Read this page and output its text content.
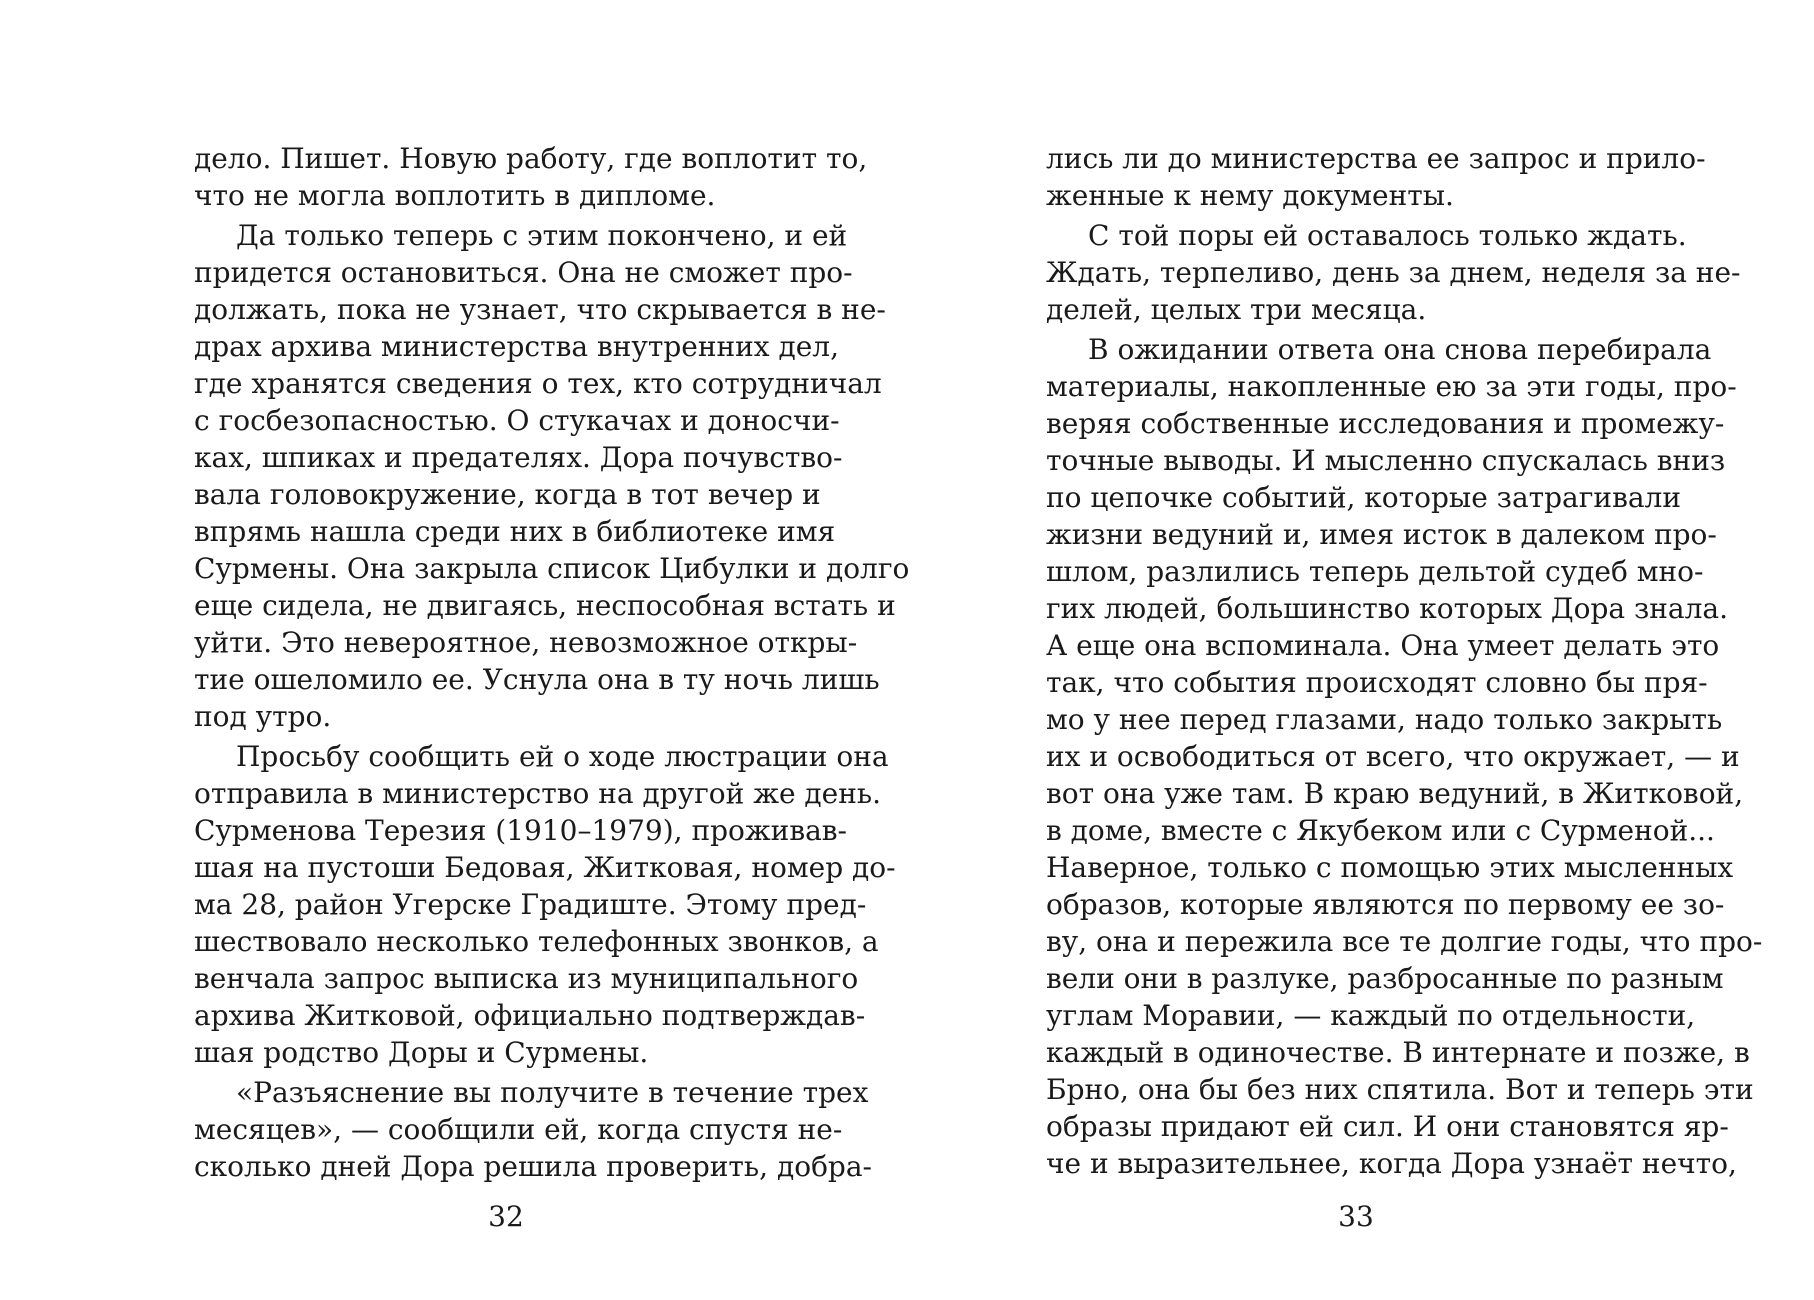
дело. Пишет. Новую работу, где воплотит то,
что не могла воплотить в дипломе.
Да только теперь с этим покончено, и ей
придется остановиться. Она не сможет про-
должать, пока не узнает, что скрывается в не-
драх архива министерства внутренних дел,
где хранятся сведения о тех, кто сотрудничал
с госбезопасностью. О стукачах и доносчи-
ках, шпиках и предателях. Дора почувство-
вала головокружение, когда в тот вечер и
впрямь нашла среди них в библиотеке имя
Сурмены. Она закрыла список Цибулки и долго
еще сидела, не двигаясь, неспособная встать и
уйти. Это невероятное, невозможное откры-
тие ошеломило ее. Уснула она в ту ночь лишь
под утро.
Просьбу сообщить ей о ходе люстрации она
отправила в министерство на другой же день.
Сурменова Терезия (1910–1979), проживав-
шая на пустоши Бедовая, Житковая, номер до-
ма 28, район Угерске Градиште. Этому пред-
шествовало несколько телефонных звонков, а
венчала запрос выписка из муниципального
архива Житковой, официально подтверждав-
шая родство Доры и Сурмены.
«Разъяснение вы получите в течение трех
месяцев», — сообщили ей, когда спустя не-
сколько дней Дора решила проверить, добра-
лись ли до министерства ее запрос и прило-
женные к нему документы.
С той поры ей оставалось только ждать.
Ждать, терпеливо, день за днем, неделя за не-
делей, целых три месяца.
В ожидании ответа она снова перебирала
материалы, накопленные ею за эти годы, про-
веряя собственные исследования и промежу-
точные выводы. И мысленно спускалась вниз
по цепочке событий, которые затрагивали
жизни ведуний и, имея исток в далеком про-
шлом, разлились теперь дельтой судеб мно-
гих людей, большинство которых Дора знала.
А еще она вспоминала. Она умеет делать это
так, что события происходят словно бы пря-
мо у нее перед глазами, надо только закрыть
их и освободиться от всего, что окружает, — и
вот она уже там. В краю ведуний, в Житковой,
в доме, вместе с Якубеком или с Сурменой...
Наверное, только с помощью этих мысленных
образов, которые являются по первому ее зо-
ву, она и пережила все те долгие годы, что про-
вели они в разлуке, разбросанные по разным
углам Моравии, — каждый по отдельности,
каждый в одиночестве. В интернате и позже, в
Брно, она бы без них спятила. Вот и теперь эти
образы придают ей сил. И они становятся яр-
че и выразительнее, когда Дора узнаёт нечто,
32	33
